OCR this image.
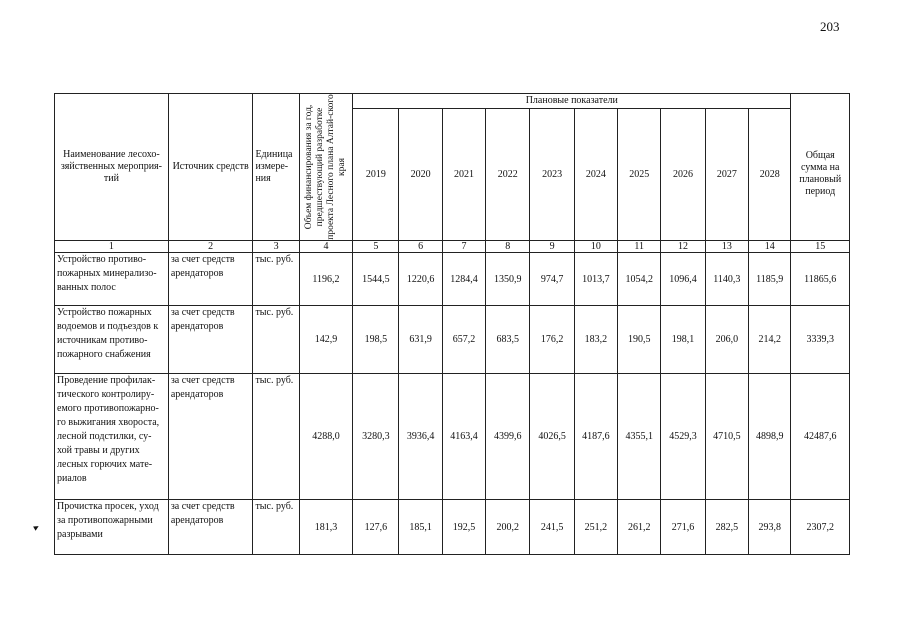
203
▸
Наименование лесохо-зяйственных мероприя-тий	Источник средств	Единица измере-ния	Объем финансирования за год, предшествующий разработке проекта Лесного плана Алтай-ского края	Плановые показатели										Общая сумма на плановый период
				2019	2020	2021	2022	2023	2024	2025	2026	2027	2028	
1	2	3	4	5	6	7	8	9	10	11	12	13	14	15
Устройство противо-пожарных минерализо-ванных полос	за счет средств арендаторов	тыс. руб.	1196,2	1544,5	1220,6	1284,4	1350,9	974,7	1013,7	1054,2	1096,4	1140,3	1185,9	11865,6
Устройство пожарных водоемов и подъездов к источникам противо-пожарного снабжения	за счет средств арендаторов	тыс. руб.	142,9	198,5	631,9	657,2	683,5	176,2	183,2	190,5	198,1	206,0	214,2	3339,3
Проведение профилак-тического контролиру-емого противопожарно-го выжигания хвороста, лесной подстилки, су-хой травы и других лесных горючих мате-риалов	за счет средств арендаторов	тыс. руб.	4288,0	3280,3	3936,4	4163,4	4399,6	4026,5	4187,6	4355,1	4529,3	4710,5	4898,9	42487,6
Прочистка просек, уход за противопожарными разрывами	за счет средств арендаторов	тыс. руб.	181,3	127,6	185,1	192,5	200,2	241,5	251,2	261,2	271,6	282,5	293,8	2307,2
